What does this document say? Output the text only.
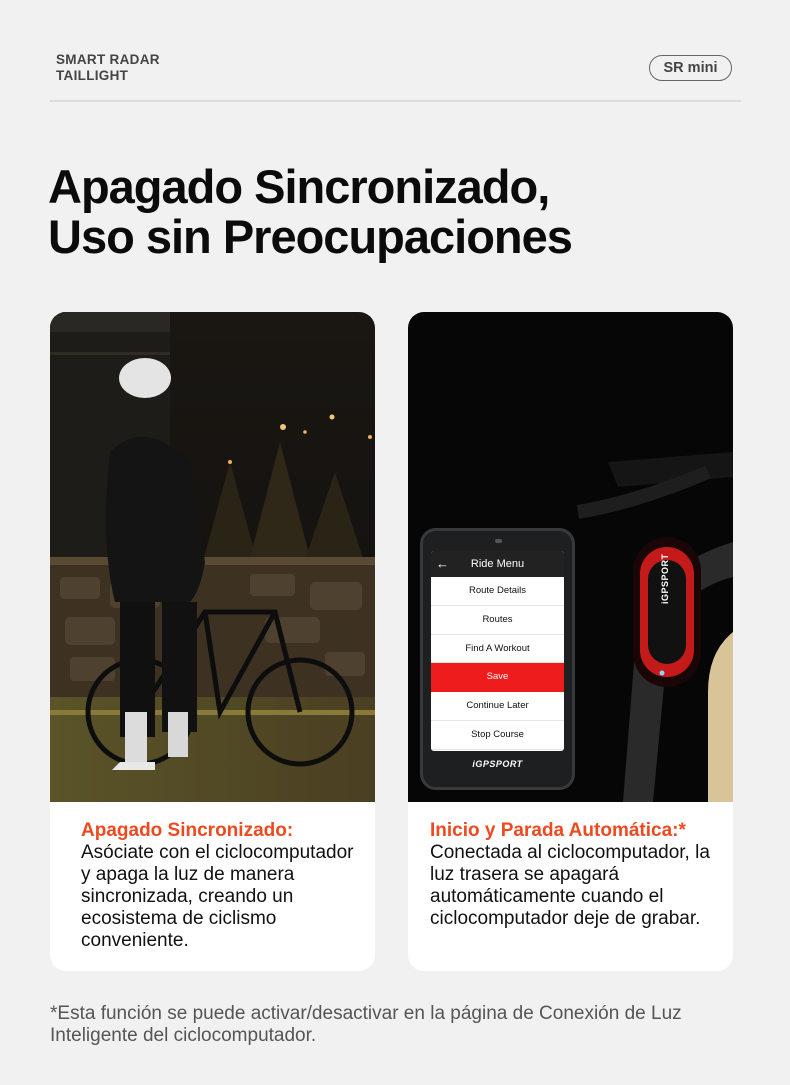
SMART RADAR
TAILLIGHT	SR mini
Apagado Sincronizado,
Uso sin Preocupaciones
Apagado Sincronizado:
Asóciate con el ciclocomputador y apaga la luz de manera sincronizada, creando un ecosistema de ciclismo conveniente.
← Ride Menu
Route Details
Routes
Find A Workout
Save
Continue Later
Stop Course
iGPSPORT
iGPSPORT
Inicio y Parada Automática:*
Conectada al ciclocomputador, la luz trasera se apagará automáticamente cuando el ciclocomputador deje de grabar.

*Esta función se puede activar/desactivar en la página de Conexión de Luz Inteligente del ciclocomputador.
